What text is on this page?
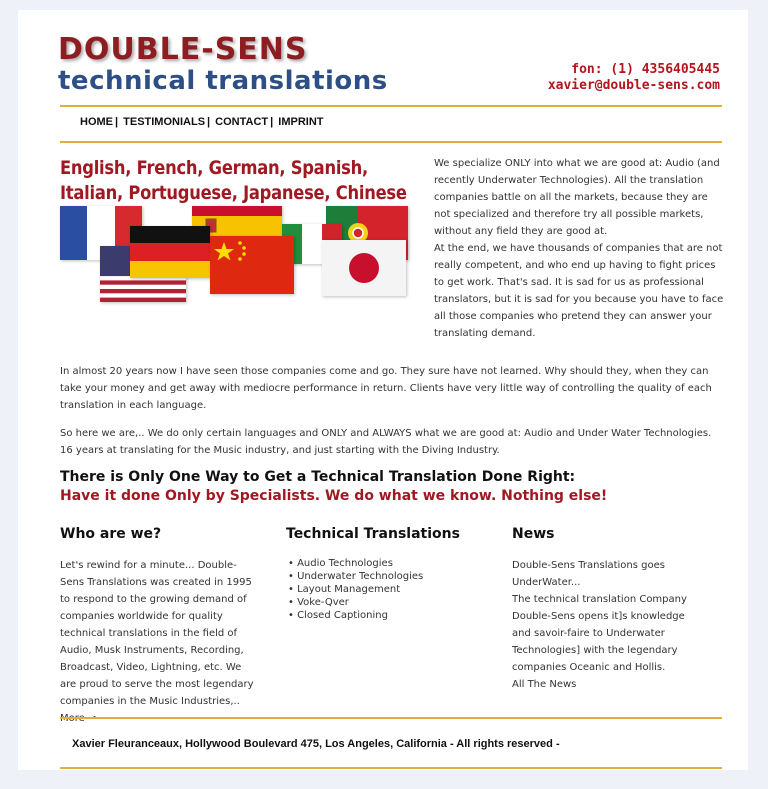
DOUBLE-SENS
technical translations	fon: (1) 4356405445
xavier@double-sens.com
HOME | TESTIMONIALS | CONTACT | IMPRINT
English, French, German, Spanish,
Italian, Portuguese, Japanese, Chinese
We specialize ONLY into what we are good at: Audio (and recently Underwater Technologies). All the translation companies battle on all the markets, because they are not specialized and therefore try all possible markets, without any field they are good at.
At the end, we have thousands of companies that are not really competent, and who end up having to fight prices to get work. That's sad. It is sad for us as professional translators, but it is sad for you because you have to face all those companies who pretend they can answer your translating demand.
In almost 20 years now I have seen those companies come and go. They sure have not learned. Why should they, when they can take your money and get away with mediocre performance in return. Clients have very little way of controlling the quality of each translation in each language.
So here we are,.. We do only certain languages and ONLY and ALWAYS what we are good at: Audio and Under Water Technologies. 16 years at translating for the Music industry, and just starting with the Diving Industry.
There is Only One Way to Get a Technical Translation Done Right:
Have it done Only by Specialists. We do what we know. Nothing else!
Who are we?
Let's rewind for a minute... Double-Sens Translations was created in 1995 to respond to the growing demand of companies worldwide for quality technical translations in the field of Audio, Musk Instruments, Recording, Broadcast, Video, Lightning, etc. We are proud to serve the most legendary companies in the Music Industries,..
Technical Translations
• Audio Technologies
• Underwater Technologies
• Layout Management
• Voke-Qver
• Closed Captioning
News
Double-Sens Translations goes UnderWater...
The technical translation Company Double-Sens opens it]s knowledge and savoir-faire to Underwater Technologies] with the legendary companies Oceanic and Hollis.
All The News
Xavier Fleuranceaux, Hollywood Boulevard 475, Los Angeles, California - All rights reserved -
